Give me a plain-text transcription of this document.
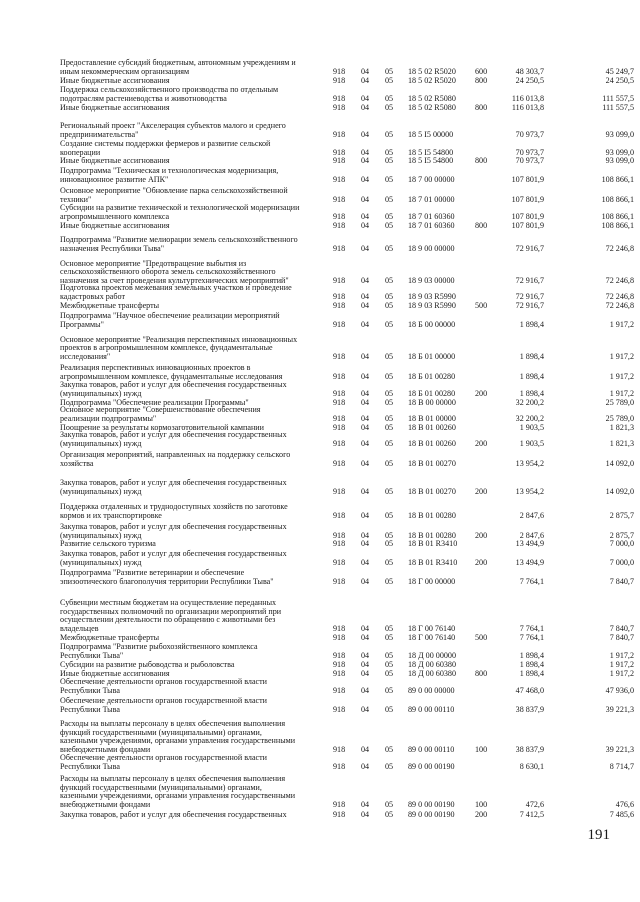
Предоставление субсидий бюджетным, автономным учреждениям и
иным некоммерческим организациям	918 04 05 18 5 02 R5020 600	48 303,7	45 249,7
Иные бюджетные ассигнования	918 04 05 18 5 02 R5020 800	24 250,5	24 250,5
Поддержка сельскохозяйственного производства по отдельным
подотраслям растениеводства и животноводства	918 04 05 18 5 02 R5080	116 013,8	111 557,5
Иные бюджетные ассигнования	918 04 05 18 5 02 R5080 800	116 013,8	111 557,5
Региональный проект "Акселерация субъектов малого и среднего
предпринимательства"	918 04 05 18 5 I5 00000	70 973,7	93 099,0
Создание системы поддержки фермеров и развитие сельской
кооперации	918 04 05 18 5 I5 54800	70 973,7	93 099,0
Иные бюджетные ассигнования	918 04 05 18 5 I5 54800	800	70 973,7	93 099,0
Подпрограмма "Техническая и технологическая модернизация,
инновационное развитие АПК"	918 04 05 18 7 00 00000	107 801,9	108 866,1
Основное мероприятие "Обновление парка сельскохозяйственной
техники"	918 04 05 18 7 01 00000	107 801,9	108 866,1
Субсидии на развитие технической и технологической модернизации
агропромышленного комплекса	918 04 05 18 7 01 60360	107 801,9	108 866,1
Иные бюджетные ассигнования	918 04 05 18 7 01 60360	800	107 801,9	108 866,1
Подпрограмма "Развитие мелиорации земель сельскохозяйственного
назначения Республики Тыва"	918 04 05 18 9 00 00000	72 916,7	72 246,8
Основное мероприятие "Предотвращение выбытия из
сельскохозяйственного оборота земель сельскохозяйственного
назначения за счет проведения культуртехнических мероприятий"	918 04 05 18 9 03 00000	72 916,7	72 246,8
Подготовка проектов межевания земельных участков и проведение
кадастровых работ	918 04 05 18 9 03 R5990	72 916,7	72 246,8
Межбюджетные трансферты	918 04 05 18 9 03 R5990 500	72 916,7	72 246,8
Подпрограмма "Научное обеспечение реализации мероприятий
Программы"	918 04 05 18 Б 00 00000	1 898,4	1 917,2
Основное мероприятие "Реализация перспективных инновационных
проектов в агропромышленном комплексе, фундаментальные
исследования"	918 04 05 18 Б 01 00000	1 898,4	1 917,2
Реализация перспективных инновационных проектов в
агропромышленном комплексе, фундаментальные исследования	918 04 05 18 Б 01 00280	1 898,4	1 917,2
Закупка товаров, работ и услуг для обеспечения государственных
(муниципальных) нужд	918 04 05 18 Б 01 00280 200	1 898,4	1 917,2
Подпрограмма "Обеспечение реализации Программы"	918 04 05 18 В 00 00000	32 200,2	25 789,0
Основное мероприятие "Совершенствование обеспечения
реализации подпрограммы"	918 04 05 18 В 01 00000	32 200,2	25 789,0
Поощрение за результаты кормозаготовительной кампании	918 04 05 18 В 01 00260	1 903,5	1 821,3
Закупка товаров, работ и услуг для обеспечения государственных
(муниципальных) нужд	918 04 05 18 В 01 00260 200	1 903,5	1 821,3
Организация мероприятий, направленных на поддержку сельского
хозяйства	918 04 05 18 В 01 00270	13 954,2	14 092,0
Закупка товаров, работ и услуг для обеспечения государственных
(муниципальных) нужд	918 04 05 18 В 01 00270 200	13 954,2	14 092,0
Поддержка отдаленных и труднодоступных хозяйств по заготовке
кормов и их транспортировке	918 04 05 18 В 01 00280	2 847,6	2 875,7
Закупка товаров, работ и услуг для обеспечения государственных
(муниципальных) нужд	918 04 05 18 В 01 00280 200	2 847,6	2 875,7
Развитие сельского туризма	918 04 05 18 В 01 R3410	13 494,9	7 000,0
Закупка товаров, работ и услуг для обеспечения государственных
(муниципальных) нужд	918 04 05 18 В 01 R3410 200	13 494,9	7 000,0
Подпрограмма "Развитие ветеринарии и обеспечение
эпизоотического благополучия территории Республики Тыва"	918 04 05 18 Г 00 00000	7 764,1	7 840,7
Субвенции местным бюджетам на осуществление переданных
государственных полномочий по организации мероприятий при
осуществлении деятельности по обращению с животными без
владельцев	918 04 05 18 Г 00 76140	7 764,1	7 840,7
Межбюджетные трансферты	918 04 05 18 Г 00 76140 500	7 764,1	7 840,7
Подпрограмма "Развитие рыбохозяйственного комплекса
Республики Тыва"	918 04 05 18 Д 00 00000	1 898,4	1 917,2
Субсидии на развитие рыбоводства и рыболовства	918 04 05 18 Д 00 60380	1 898,4	1 917,2
Иные бюджетные ассигнования	918 04 05 18 Д 00 60380 800	1 898,4	1 917,2
Обеспечение деятельности органов государственной власти
Республики Тыва	918 04 05 89 0 00 00000	47 468,0	47 936,0
Обеспечение деятельности органов государственной власти
Республики Тыва	918 04 05 89 0 00 00110	38 837,9	39 221,3
Расходы на выплаты персоналу в целях обеспечения выполнения
функций государственными (муниципальными) органами,
казенными учреждениями, органами управления государственными
внебюджетными фондами	918 04 05 89 0 00 00110	100	38 837,9	39 221,3
Обеспечение деятельности органов государственной власти
Республики Тыва	918 04 05 89 0 00 00190	8 630,1	8 714,7
Расходы на выплаты персоналу в целях обеспечения выполнения
функций государственными (муниципальными) органами,
казенными учреждениями, органами управления государственными
внебюджетными фондами	918 04 05 89 0 00 00190	100	472,6	476,6
Закупка товаров, работ и услуг для обеспечения государственных	918 04 05 89 0 00 00190	200	7 412,5	7 485,6
191
